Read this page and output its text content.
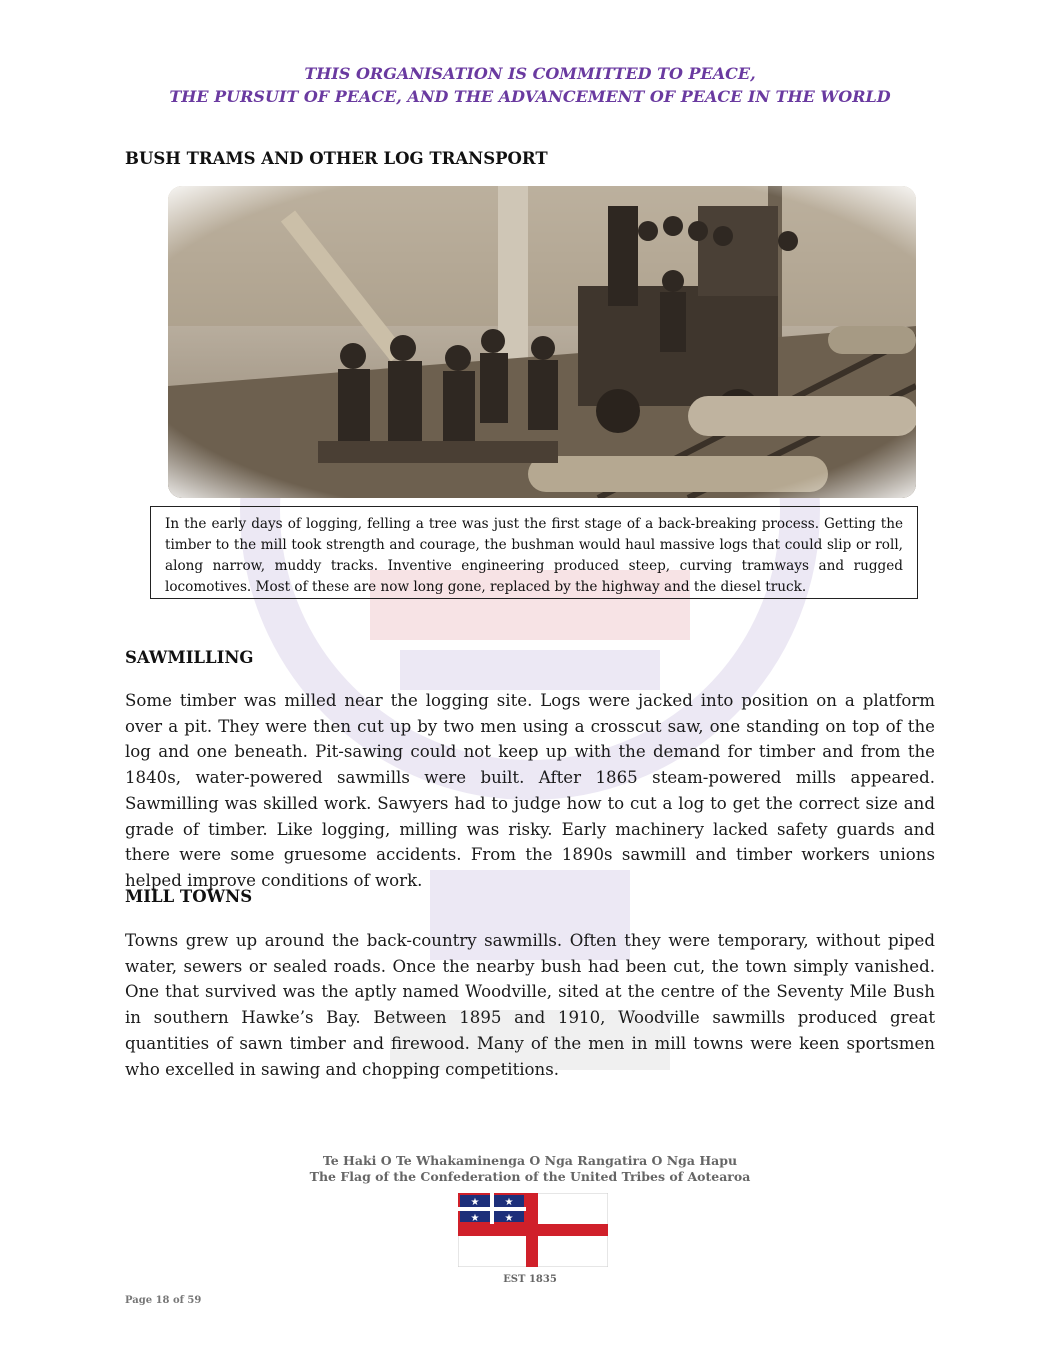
THIS ORGANISATION IS COMMITTED TO PEACE,
THE PURSUIT OF PEACE, AND THE ADVANCEMENT OF PEACE IN THE WORLD
BUSH TRAMS AND OTHER LOG TRANSPORT
In the early days of logging, felling a tree was just the first stage of a back-breaking process. Getting the timber to the mill took strength and courage, the bushman would haul massive logs that could slip or roll, along narrow, muddy tracks. Inventive engineering produced steep, curving tramways and rugged locomotives. Most of these are now long gone, replaced by the highway and the diesel truck.
SAWMILLING
Some timber was milled near the logging site. Logs were jacked into position on a platform over a pit. They were then cut up by two men using a crosscut saw, one standing on top of the log and one beneath. Pit-sawing could not keep up with the demand for timber and from the 1840s, water-powered sawmills were built. After 1865 steam-powered mills appeared. Sawmilling was skilled work. Sawyers had to judge how to cut a log to get the correct size and grade of timber. Like logging, milling was risky. Early machinery lacked safety guards and there were some gruesome accidents. From the 1890s sawmill and timber workers unions helped improve conditions of work.
MILL TOWNS
Towns grew up around the back-country sawmills. Often they were temporary, without piped water, sewers or sealed roads. Once the nearby bush had been cut, the town simply vanished. One that survived was the aptly named Woodville, sited at the centre of the Seventy Mile Bush in southern Hawke’s Bay. Between 1895 and 1910, Woodville sawmills produced great quantities of sawn timber and firewood. Many of the men in mill towns were keen sportsmen who excelled in sawing and chopping competitions.
Te Haki O Te Whakaminenga O Nga Rangatira O Nga Hapu
The Flag of the Confederation of the United Tribes of Aotearoa
★	★
★	★
EST 1835
Page 18 of 59
